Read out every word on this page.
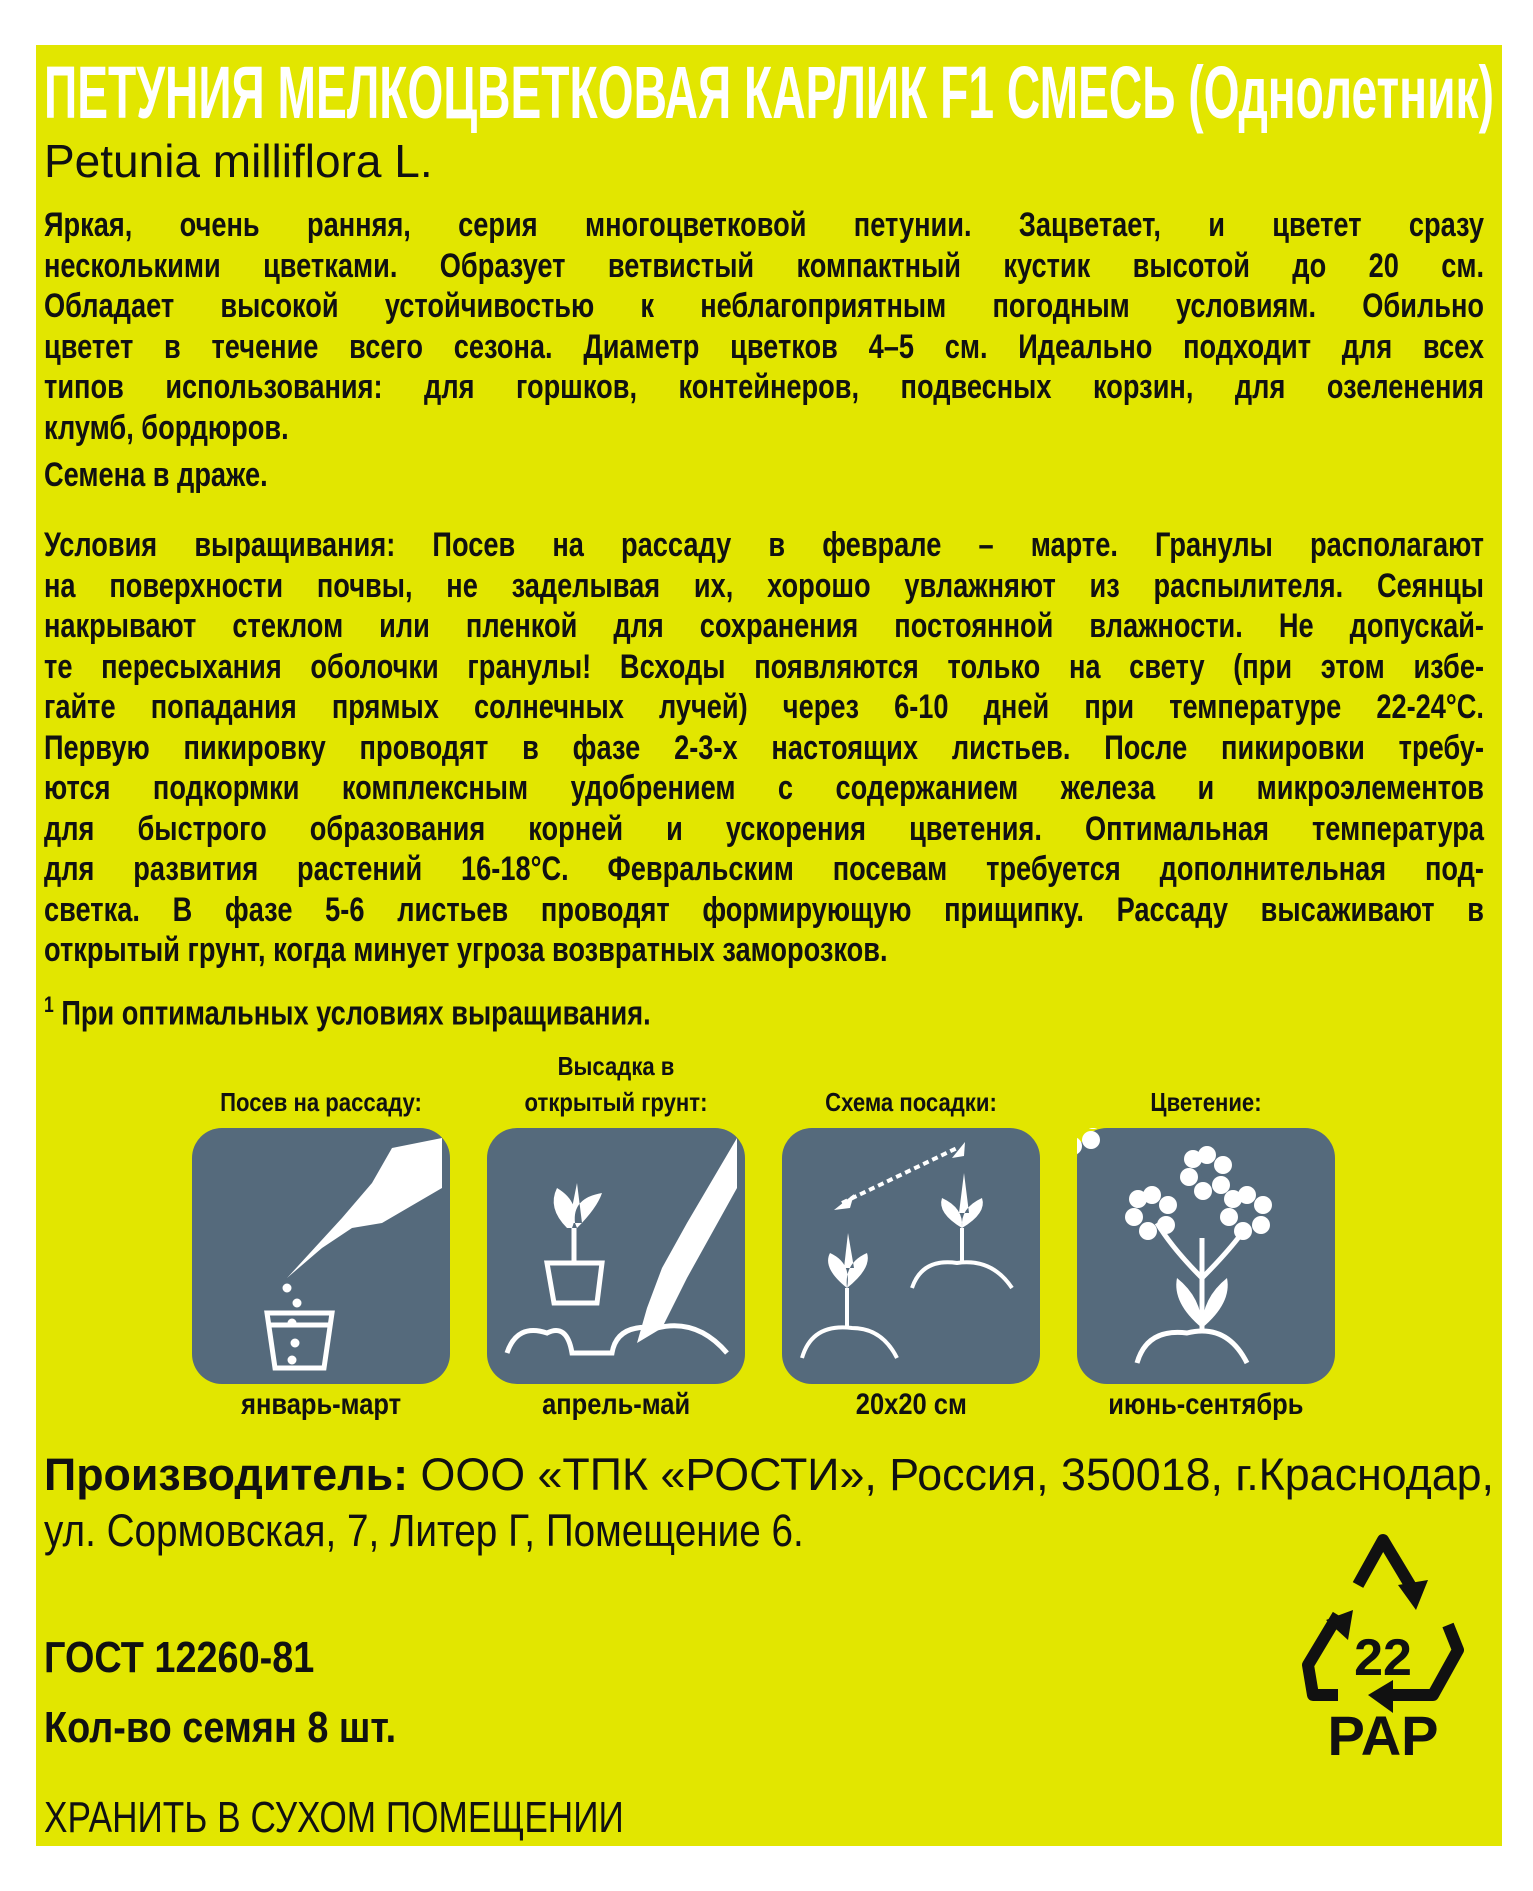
ПЕТУНИЯ МЕЛКОЦВЕТКОВАЯ КАРЛИК F1 СМЕСЬ (Однолетник)
Petunia milliflora L.
Яркая, очень ранняя, серия многоцветковой петунии. Зацветает, и цветет сразу
несколькими цветками. Образует ветвистый компактный кустик высотой до 20 см.
Обладает высокой устойчивостью к неблагоприятным погодным условиям. Обильно
цветет в течение всего сезона. Диаметр цветков 4–5 см. Идеально подходит для всех
типов использования: для горшков, контейнеров, подвесных корзин, для озеленения
клумб, бордюров.
Семена в драже.
Условия выращивания: Посев на рассаду в феврале – марте. Гранулы располагают
на поверхности почвы, не заделывая их, хорошо увлажняют из распылителя. Сеянцы
накрывают стеклом или пленкой для сохранения постоянной влажности. Не допускай-
те пересыхания оболочки гранулы! Всходы появляются только на свету (при этом избе-
гайте попадания прямых солнечных лучей) через 6-10 дней при температуре 22-24°С.
Первую пикировку проводят в фазе 2-3-х настоящих листьев. После пикировки требу-
ются подкормки комплексным удобрением с содержанием железа и микроэлементов
для быстрого образования корней и ускорения цветения. Оптимальная температура
для развития растений 16-18°С. Февральским посевам требуется дополнительная под-
светка. В фазе 5-6 листьев проводят формирующую прищипку. Рассаду высаживают в
открытый грунт, когда минует угроза возвратных заморозков.
$^1$ При оптимальных условиях выращивания.
Посев на рассаду:
январь-март
Высадка в
открытый грунт:
апрель-май
Схема посадки:
20x20 см
Цветение:
июнь-сентябрь
Производитель: ООО «ТПК «РОСТИ», Россия, 350018, г.Краснодар,
ул. Сормовская, 7, Литер Г, Помещение 6.
ГОСТ 12260-81
Кол-во семян 8 шт.
ХРАНИТЬ В СУХОМ ПОМЕЩЕНИИ
22
PAP
